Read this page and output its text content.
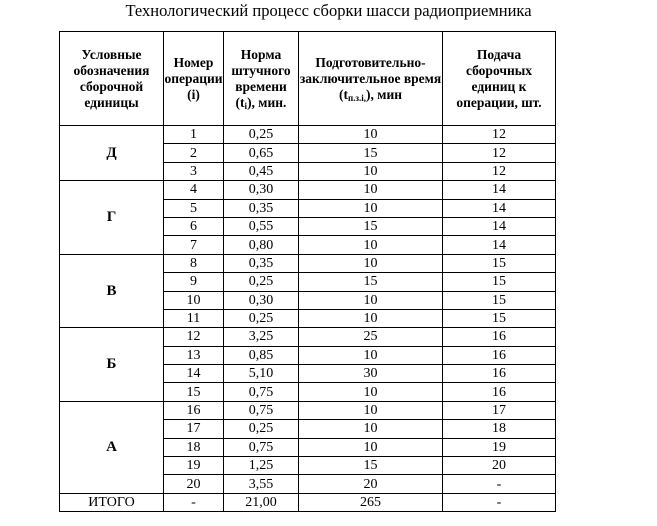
Технологический процесс сборки шасси радиоприемника
Условные обозначения сборочной единицы	Номер операции (i)	Норма штучного времени $(t_i)$, мин.	Подготовительно-заключительное время $(t_{п.з.i,})$, мин	Подача сборочных единиц к операции, шт.
Д	1	0,25	10	12
	2	0,65	15	12
	3	0,45	10	12
Г	4	0,30	10	14
	5	0,35	10	14
	6	0,55	15	14
	7	0,80	10	14
В	8	0,35	10	15
	9	0,25	15	15
	10	0,30	10	15
	11	0,25	10	15
Б	12	3,25	25	16
	13	0,85	10	16
	14	5,10	30	16
	15	0,75	10	16
А	16	0,75	10	17
	17	0,25	10	18
	18	0,75	10	19
	19	1,25	15	20
	20	3,55	20	-
ИТОГО	-	21,00	265	-
